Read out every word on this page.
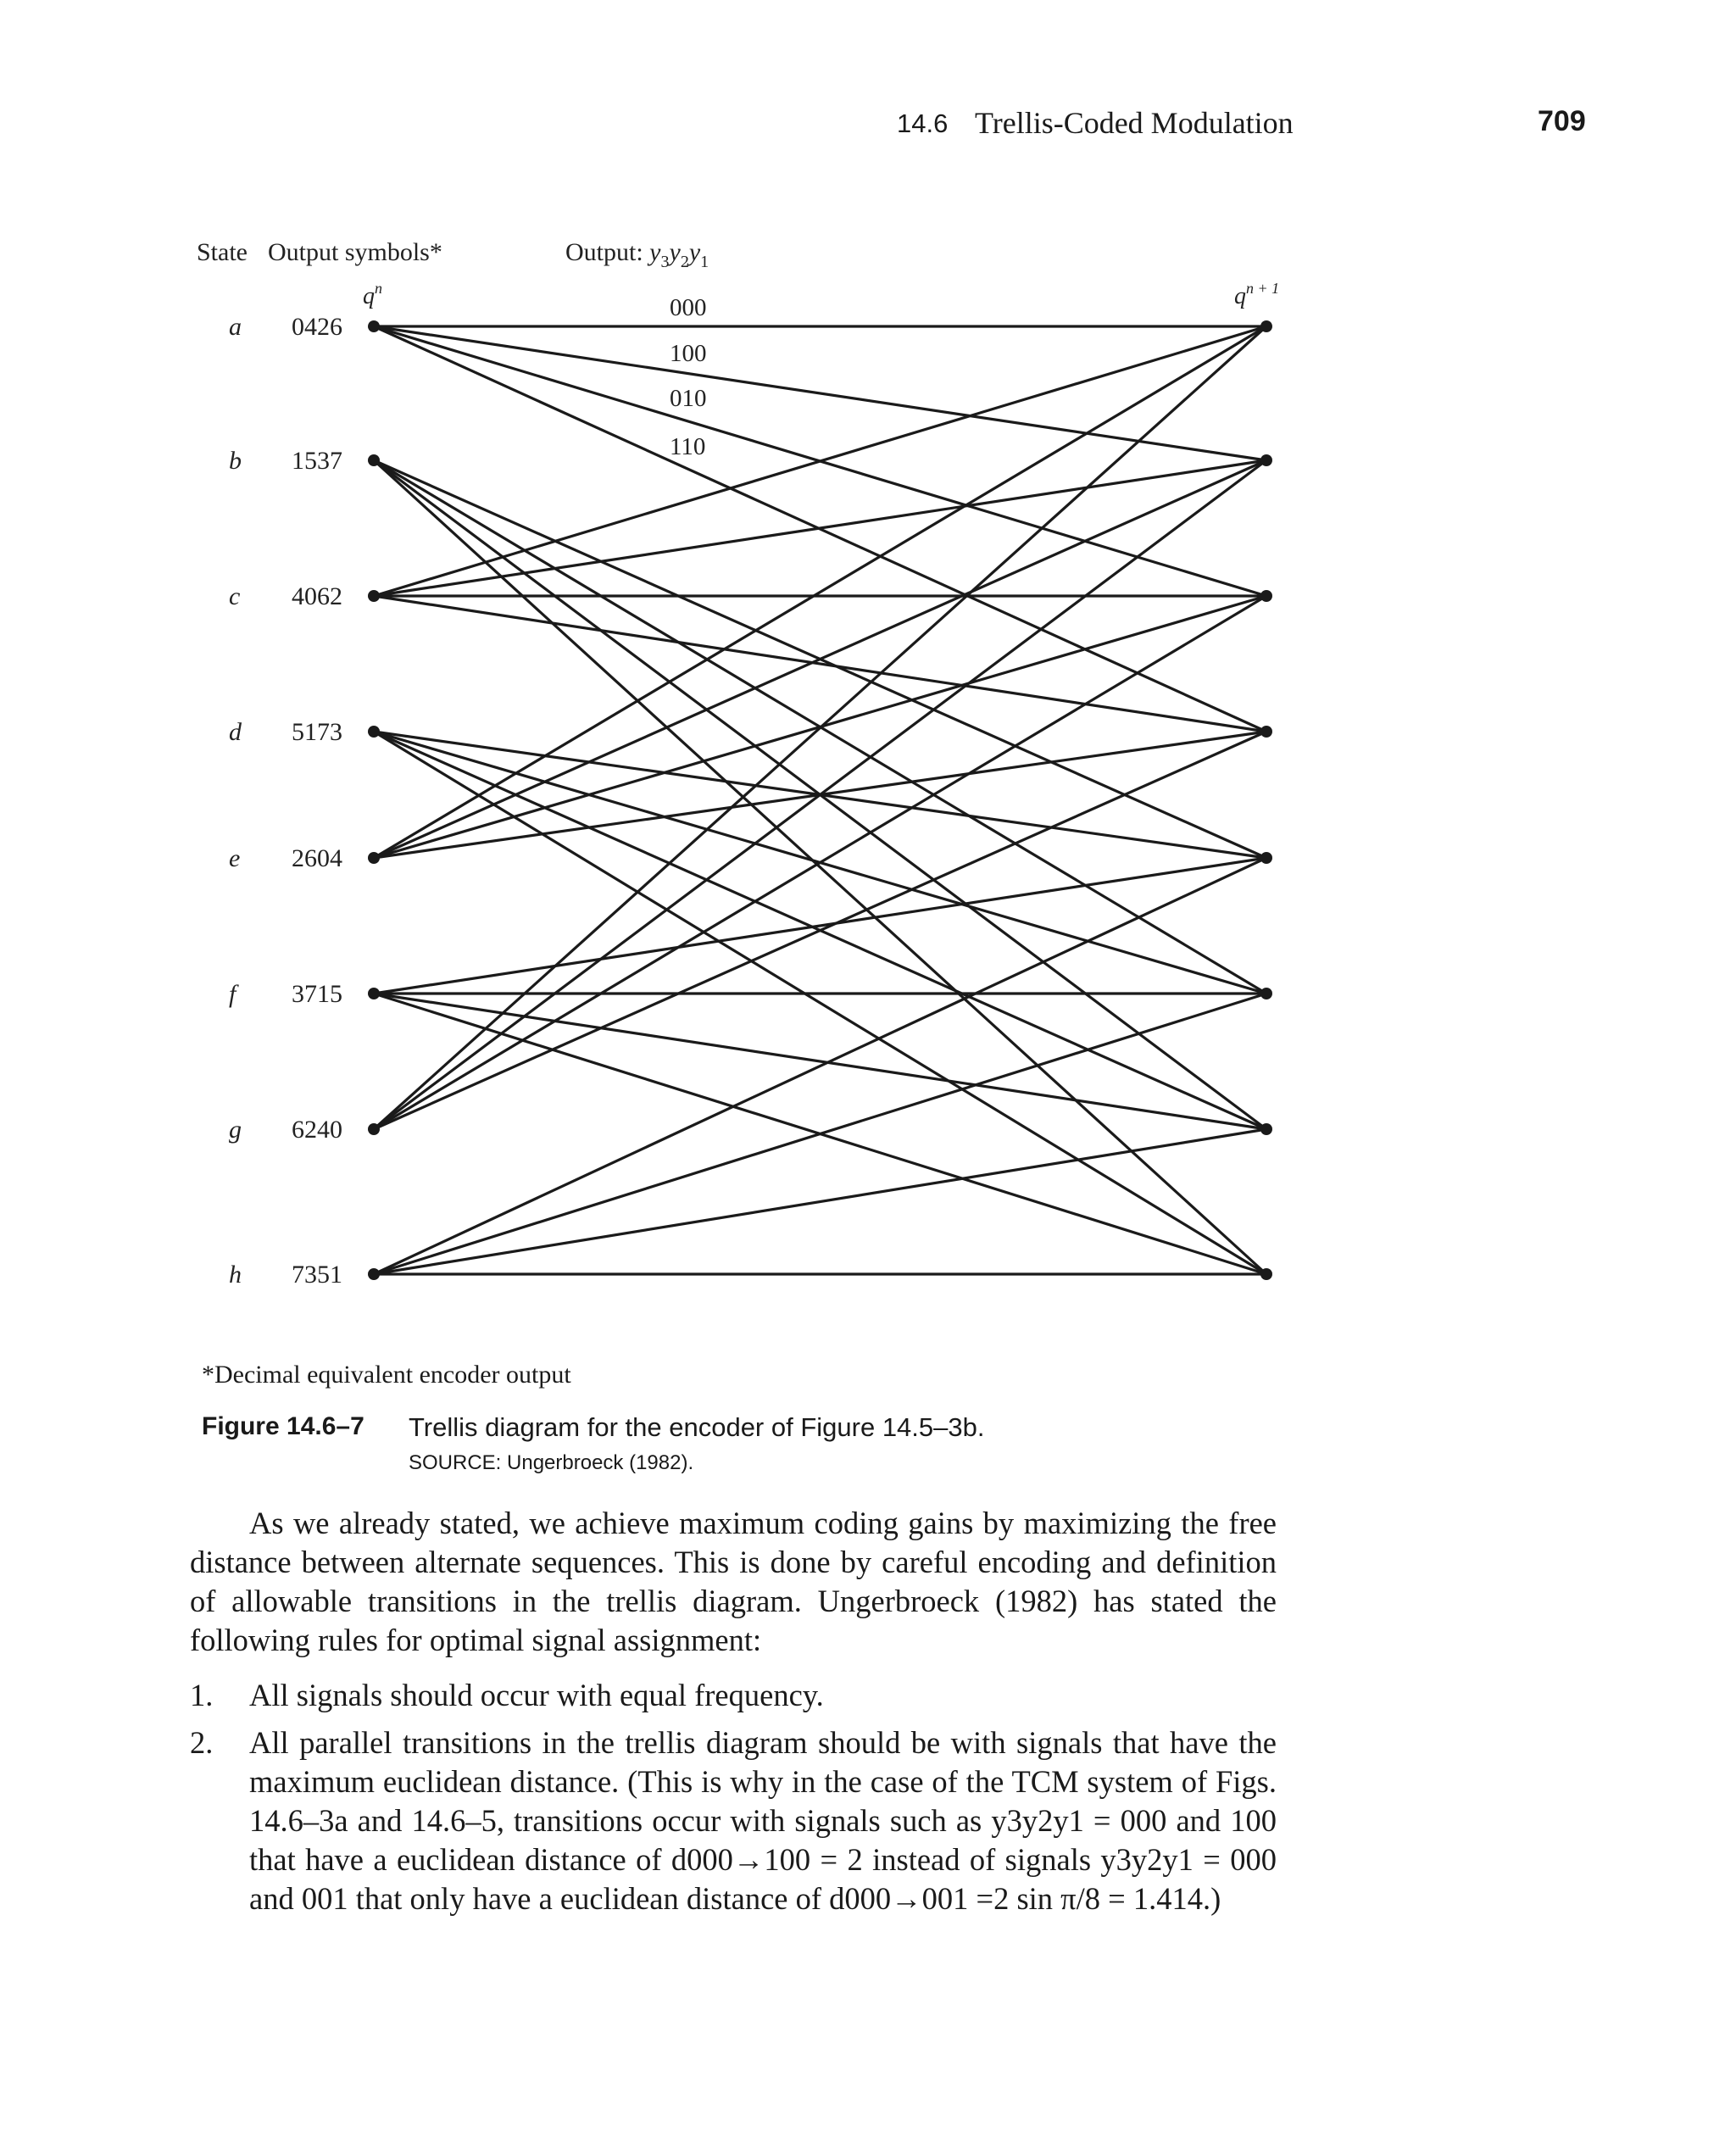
14.6 Trellis-Coded Modulation	709
State Output symbols*	Output: $y_3y_2y_1$
$q^n$	$q^{n + 1}$
a 0426
b 1537
c 4062
d 5173
e 2604
f 3715
g 6240
h 7351
000
100
010
110
*Decimal equivalent encoder output
Figure 14.6–7 Trellis diagram for the encoder of Figure 14.5–3b.
SOURCE: Ungerbroeck (1982).
As we already stated, we achieve maximum coding gains by maximizing the free distance between alternate sequences. This is done by careful encoding and definition of allowable transitions in the trellis diagram. Ungerbroeck (1982) has stated the following rules for optimal signal assignment:
1. All signals should occur with equal frequency.
2. All parallel transitions in the trellis diagram should be with signals that have the maximum euclidean distance. (This is why in the case of the TCM system of Figs. 14.6–3a and 14.6–5, transitions occur with signals such as y3y2y1 = 000 and 100 that have a euclidean distance of d000→100 = 2 instead of signals y3y2y1 = 000 and 001 that only have a euclidean distance of d000→001 =2 sin π/8 = 1.414.)
